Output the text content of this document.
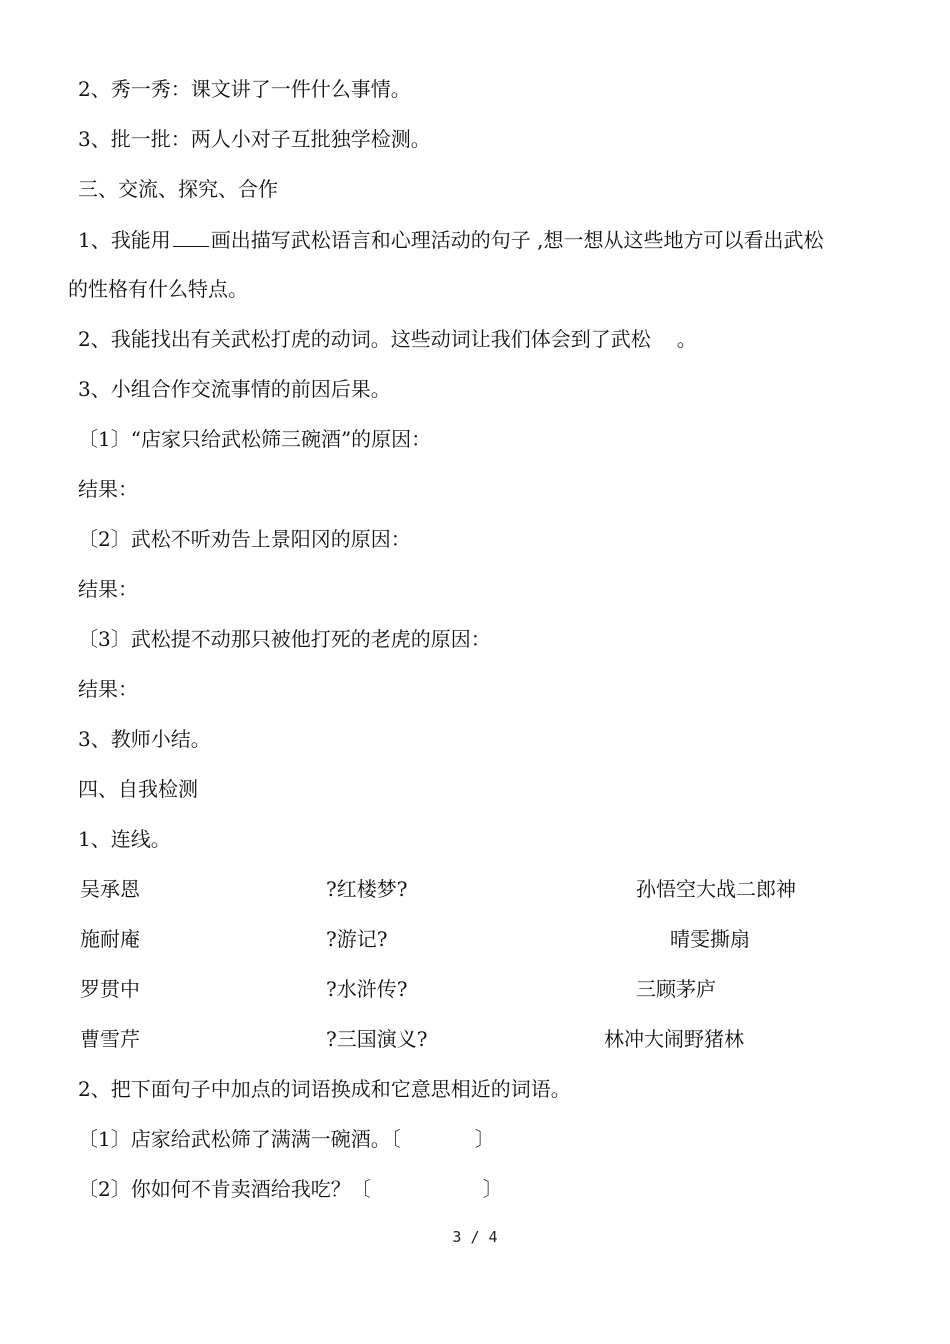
2、秀一秀：课文讲了一件什么事情。
3、批一批：两人小对子互批独学检测。
三、交流、探究、合作
1、我能用 画出描写武松语言和心理活动的句子 ,想一想从这些地方可以看出武松
的性格有什么特点。
2、我能找出有关武松打虎的动词。这些动词让我们体会到了武松 。
3、小组合作交流事情的前因后果。
〔1〕“店家只给武松筛三碗酒”的原因：
结果：
〔2〕武松不听劝告上景阳冈的原因：
结果：
〔3〕武松提不动那只被他打死的老虎的原因：
结果：
3、教师小结。
四、自我检测
1、连线。
吴承恩	?红楼梦?	孙悟空大战二郎神
施耐庵	?游记?	晴雯撕扇
罗贯中	?水浒传?	三顾茅庐
曹雪芹	?三国演义?	林冲大闹野猪林
2、把下面句子中加点的词语换成和它意思相近的词语。
〔1〕店家给武松筛了满满一碗酒。〔	〕
〔2〕你如何不肯卖酒给我吃？〔	〕
3 / 4
